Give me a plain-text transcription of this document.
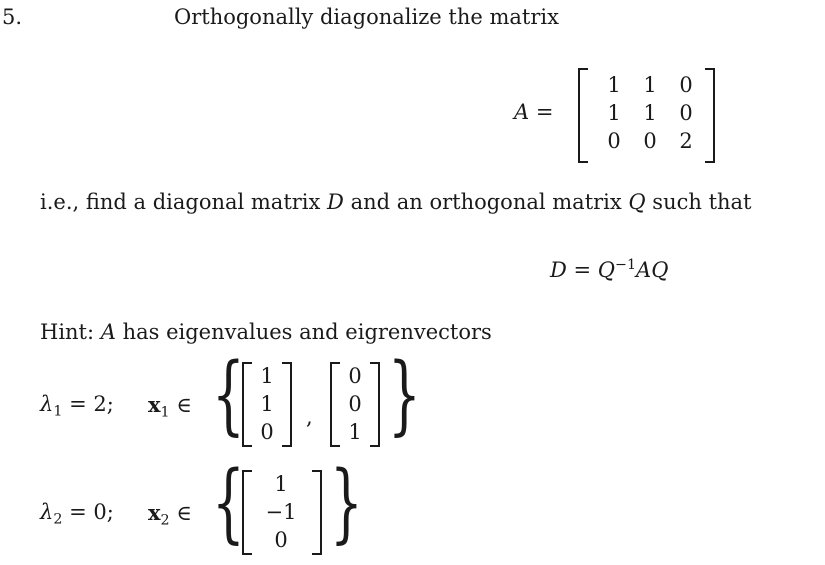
5.	Orthogonally diagonalize the matrix
A =
1	1	0
1	1	0
0	0	2
i.e., find a diagonal matrix D and an orthogonal matrix Q such that
$D = Q^{-1}AQ$
Hint: A has eigenvalues and eigrenvectors
$\lambda_1 = 2$; $x_1$ ∈ { 1
1
0
,
0
0
1 }
$\lambda_2 = 0$; $x_2$ ∈ {	1
−1
0 }
